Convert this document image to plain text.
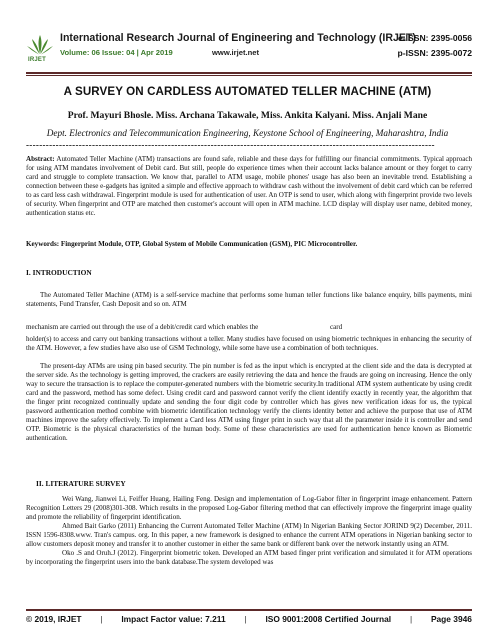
IRJET
International Research Journal of Engineering and Technology (IRJET)
e-ISSN: 2395-0056
Volume: 06 Issue: 04 | Apr 2019	www.irjet.net	p-ISSN: 2395-0072
A SURVEY ON CARDLESS AUTOMATED TELLER MACHINE (ATM)
Prof. Mayuri Bhosle. Miss. Archana Takawale, Miss. Ankita Kalyani. Miss. Anjali Mane
Dept. Electronics and Telecommunication Engineering, Keystone School of Engineering, Maharashtra, India
----------------------------------------------------------------------------------------------------------------------------
Abstract: Automated Teller Machine (ATM) transactions are found safe, reliable and these days for fulfilling our financial commitments. Typical approach for using ATM mandates involvement of Debit card. But still, people do experience times when their account lacks balance amount or they forget to carry card and struggle to complete transaction. We know that, parallel to ATM usage, mobile phones' usage has also been an inevitable trend. Establishing a connection between these e-gadgets has ignited a simple and effective approach to withdraw cash without the involvement of debit card which can be referred to as card less cash withdrawal. Fingerprint module is used for authentication of user. An OTP is send to user, which along with fingerprint provide two levels of security. When fingerprint and OTP are matched then customer's account will open in ATM machine. LCD display will display user name, debited money, authentication status etc.
Keywords: Fingerprint Module, OTP, Global System of Mobile Communication (GSM), PIC Microcontroller.
I. INTRODUCTION
The Automated Teller Machine (ATM) is a self-service machine that performs some human teller functions like balance enquiry, bills payments, mini statements, Fund Transfer, Cash Deposit and so on. ATM
mechanism are carried out through the use of a debit/credit card which enables the	card
holder(s) to access and carry out banking transactions without a teller. Many studies have focused on using biometric techniques in enhancing the security of the ATM. However, a few studies have also use of GSM Technology, while some have use a combination of both techniques.
The present-day ATMs are using pin based security. The pin number is fed as the input which is encrypted at the client side and the data is decrypted at the server side. As the technology is getting improved, the crackers are easily retrieving the data and hence the frauds are going on increasing. Hence the only way to secure the transaction is to replace the computer-generated numbers with the biometric security.In traditional ATM system authenticate by using credit card and the password, method has some defect. Using credit card and password cannot verify the client identify exactly in recently year, the algorithm that the finger print recognized continually update and sending the four digit code by controller which has gives new verification ideas for us, the typical password authentication method combine with biometric identification technology verify the clients identity better and achieve the purpose that use of ATM machines improve the safety effectively. To implement a Card less ATM using finger print in such way that all the parameter inside it is controller and send OTP. Biometric is the physical characteristics of the human body. Some of these characteristics are used for authentication hence known as Biometric authentication.
II. LITERATURE SURVEY

Wei Wang, Jianwei Li, Feiffer Huang, Hailing Feng. Design and implementation of Log-Gabor filter in fingerprint image enhancement. Pattern Recognition Letters 29 (2008)301-308. Which results in the proposed Log-Gabor filtering method that can effectively improve the fingerprint image quality and promote the reliability of fingerprint identification.

Ahmed Bait Garko (2011) Enhancing the Current Automated Teller Machine (ATM) In Nigerian Banking Sector JORIND 9(2) December, 2011. ISSN 1596-8308.www. Tran's campus. org. In this paper, a new framework is designed to enhance the current ATM operations in Nigerian banking sector to allow customers deposit money and transfer it to another customer in either the same bank or different bank over the network instantly using an ATM.

Oko .S and Oruh.J (2012). Fingerprint biometric token. Developed an ATM based finger print verification and simulated it for ATM operations by incorporating the fingerprint users into the bank database.The system developed was

© 2019, IRJET | Impact Factor value: 7.211 | ISO 9001:2008 Certified Journal | Page 3946
